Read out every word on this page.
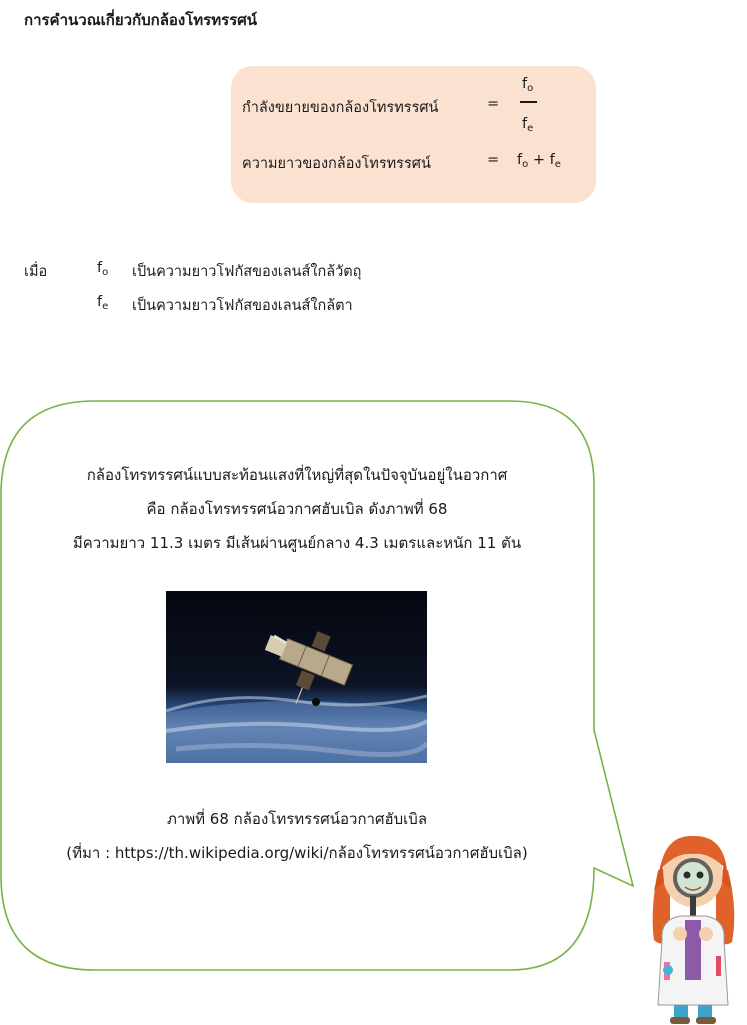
การคำนวณเกี่ยวกับกล้องโทรทรรศน์
กำลังขยายของกล้องโทรทรรศน์	=
$f_o$
$f_e$
ความยาวของกล้องโทรทรรศน์	= $f_o + f_e$
เมื่อ	$f_o$ เป็นความยาวโฟกัสของเลนส์ใกล้วัตถุ
$f_e$ เป็นความยาวโฟกัสของเลนส์ใกล้ตา
กล้องโทรทรรศน์แบบสะท้อนแสงที่ใหญ่ที่สุดในปัจจุบันอยู่ในอวกาศ
คือ กล้องโทรทรรศน์อวกาศฮับเบิล ดังภาพที่ 68
มีความยาว 11.3 เมตร มีเส้นผ่านศูนย์กลาง 4.3 เมตรและหนัก 11 ตัน
ภาพที่ 68 กล้องโทรทรรศน์อวกาศฮับเบิล
(ที่มา : https://th.wikipedia.org/wiki/กล้องโทรทรรศน์อวกาศฮับเบิล)
